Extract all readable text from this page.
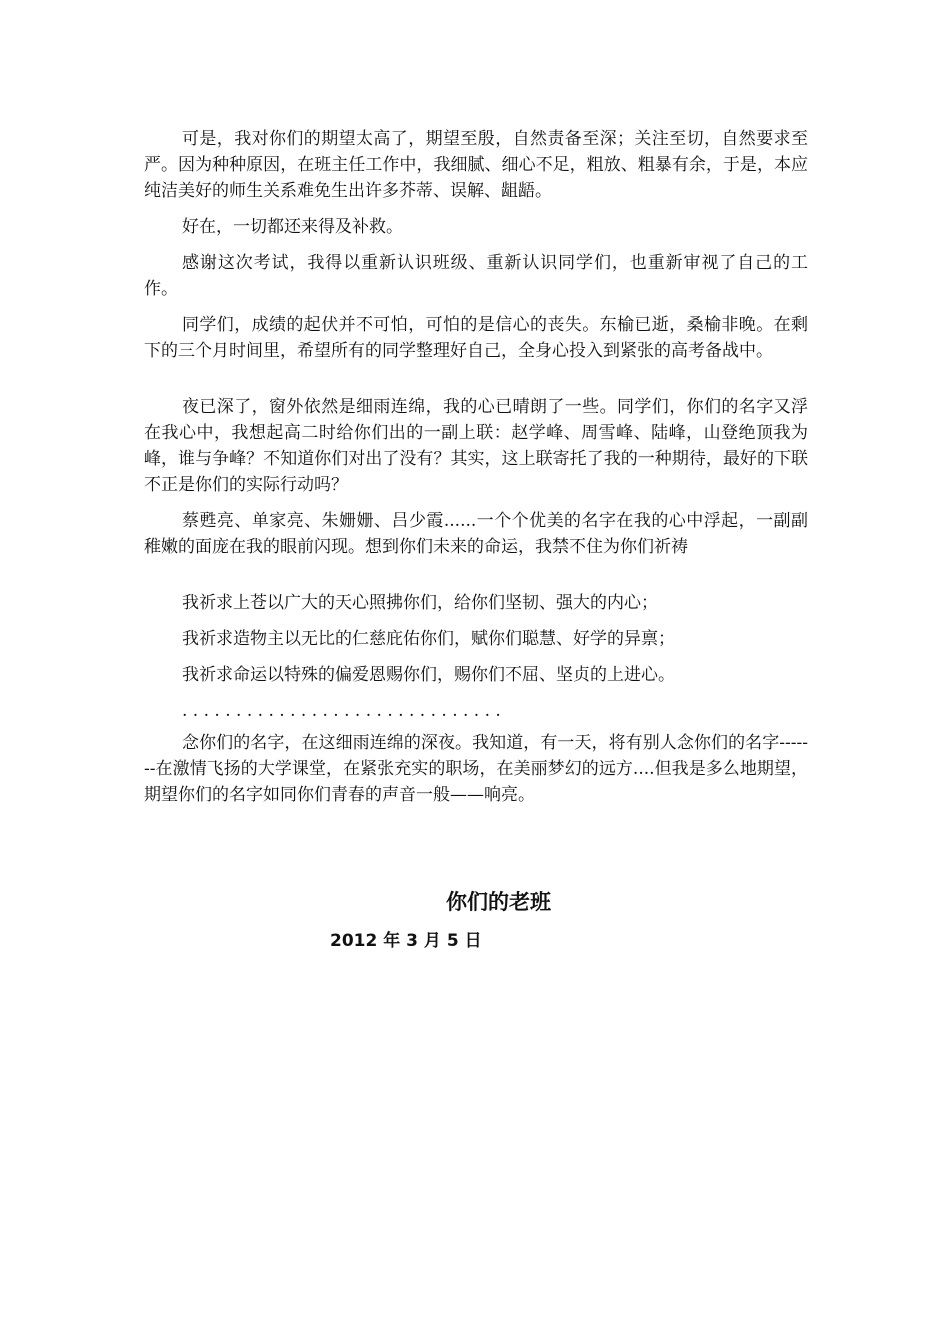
可是，我对你们的期望太高了，期望至殷，自然责备至深；关注至切，自然要求至严。因为种种原因，在班主任工作中，我细腻、细心不足，粗放、粗暴有余，于是，本应纯洁美好的师生关系难免生出许多芥蒂、误解、龃龉。

好在，一切都还来得及补救。

感谢这次考试，我得以重新认识班级、重新认识同学们，也重新审视了自己的工作。

同学们，成绩的起伏并不可怕，可怕的是信心的丧失。东榆已逝，桑榆非晚。在剩下的三个月时间里，希望所有的同学整理好自己，全身心投入到紧张的高考备战中。

夜已深了，窗外依然是细雨连绵，我的心已晴朗了一些。同学们，你们的名字又浮在我心中，我想起高二时给你们出的一副上联：赵学峰、周雪峰、陆峰，山登绝顶我为峰，谁与争峰？不知道你们对出了没有？其实，这上联寄托了我的一种期待，最好的下联不正是你们的实际行动吗？

蔡甦亮、单家亮、朱姗姗、吕少霞......一个个优美的名字在我的心中浮起，一副副稚嫩的面庞在我的眼前闪现。想到你们未来的命运，我禁不住为你们祈祷

我祈求上苍以广大的天心照拂你们，给你们坚韧、强大的内心；

我祈求造物主以无比的仁慈庇佑你们，赋你们聪慧、好学的异禀；

我祈求命运以特殊的偏爱恩赐你们，赐你们不屈、坚贞的上进心。

. . . . . . . . . . . . . . . . . . . . . . . . . . . . . .

念你们的名字，在这细雨连绵的深夜。我知道，有一天，将有别人念你们的名字-------在激情飞扬的大学课堂，在紧张充实的职场，在美丽梦幻的远方....但我是多么地期望，期望你们的名字如同你们青春的声音一般——响亮。

你们的老班
2012 年 3 月 5 日
